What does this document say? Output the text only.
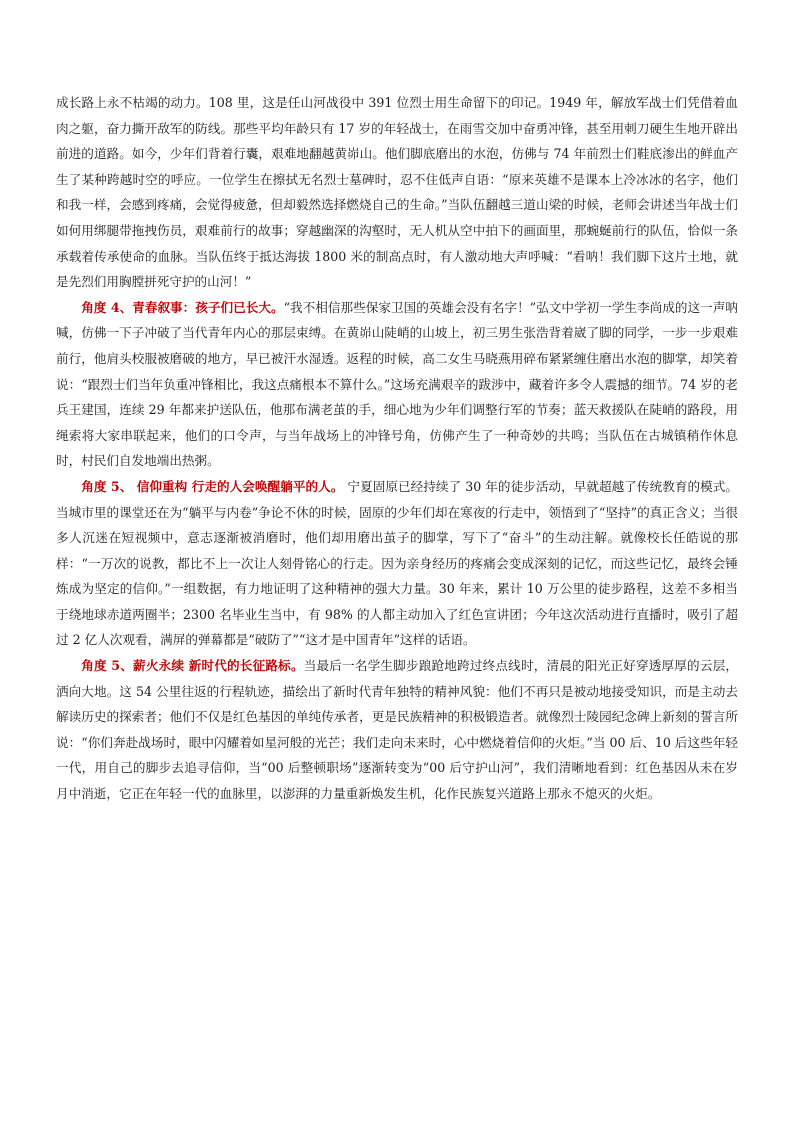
成长路上永不枯竭的动力。108 里，这是任山河战役中 391 位烈士用生命留下的印记。1949 年，解放军战士们凭借着血肉之躯，奋力撕开敌军的防线。那些平均年龄只有 17 岁的年轻战士，在雨雪交加中奋勇冲锋，甚至用刺刀硬生生地开辟出前进的道路。如今，少年们背着行囊，艰难地翻越黄峁山。他们脚底磨出的水泡，仿佛与 74 年前烈士们鞋底渗出的鲜血产生了某种跨越时空的呼应。一位学生在擦拭无名烈士墓碑时，忍不住低声自语：“原来英雄不是课本上冷冰冰的名字，他们和我一样，会感到疼痛，会觉得疲惫，但却毅然选择燃烧自己的生命。”当队伍翻越三道山梁的时候，老师会讲述当年战士们如何用绑腿带拖拽伤员，艰难前行的故事；穿越幽深的沟壑时，无人机从空中拍下的画面里，那蜿蜒前行的队伍，恰似一条承载着传承使命的血脉。当队伍终于抵达海拔 1800 米的制高点时，有人激动地大声呼喊：“看呐！我们脚下这片土地，就是先烈们用胸膛拼死守护的山河！”

角度 4、青春叙事：孩子们已长大。“我不相信那些保家卫国的英雄会没有名字！”弘文中学初一学生李尚成的这一声呐喊，仿佛一下子冲破了当代青年内心的那层束缚。在黄峁山陡峭的山坡上，初三男生张浩背着崴了脚的同学，一步一步艰难前行，他肩头校服被磨破的地方，早已被汗水湿透。返程的时候，高二女生马晓燕用碎布紧紧缠住磨出水泡的脚掌，却笑着说：“跟烈士们当年负重冲锋相比，我这点痛根本不算什么。”这场充满艰辛的跋涉中，藏着许多令人震撼的细节。74 岁的老兵王建国，连续 29 年都来护送队伍，他那布满老茧的手，细心地为少年们调整行军的节奏；蓝天救援队在陡峭的路段，用绳索将大家串联起来，他们的口令声，与当年战场上的冲锋号角，仿佛产生了一种奇妙的共鸣；当队伍在古城镇稍作休息时，村民们自发地端出热粥。

角度 5、 信仰重构 行走的人会唤醒躺平的人。 宁夏固原已经持续了 30 年的徒步活动，早就超越了传统教育的模式。当城市里的课堂还在为“躺平与内卷”争论不休的时候，固原的少年们却在寒夜的行走中，领悟到了“坚持”的真正含义；当很多人沉迷在短视频中，意志逐渐被消磨时，他们却用磨出茧子的脚掌，写下了“奋斗”的生动注解。就像校长任皓说的那样：“一万次的说教，都比不上一次让人刻骨铭心的行走。因为亲身经历的疼痛会变成深刻的记忆，而这些记忆，最终会锤炼成为坚定的信仰。”一组数据，有力地证明了这种精神的强大力量。30 年来，累计 10 万公里的徒步路程，这差不多相当于绕地球赤道两圈半；2300 名毕业生当中，有 98% 的人都主动加入了红色宣讲团；今年这次活动进行直播时，吸引了超过 2 亿人次观看，满屏的弹幕都是“破防了”“这才是中国青年”这样的话语。

角度 5、薪火永续 新时代的长征路标。当最后一名学生脚步踉跄地跨过终点线时，清晨的阳光正好穿透厚厚的云层，洒向大地。这 54 公里往返的行程轨迹，描绘出了新时代青年独特的精神风貌：他们不再只是被动地接受知识，而是主动去解读历史的探索者；他们不仅是红色基因的单纯传承者，更是民族精神的积极锻造者。就像烈士陵园纪念碑上新刻的誓言所说：“你们奔赴战场时，眼中闪耀着如星河般的光芒；我们走向未来时，心中燃烧着信仰的火炬。”当 00 后、10 后这些年轻一代，用自己的脚步去追寻信仰，当“00 后整顿职场”逐渐转变为“00 后守护山河”，我们清晰地看到：红色基因从未在岁月中消逝，它正在年轻一代的血脉里，以澎湃的力量重新焕发生机，化作民族复兴道路上那永不熄灭的火炬。
